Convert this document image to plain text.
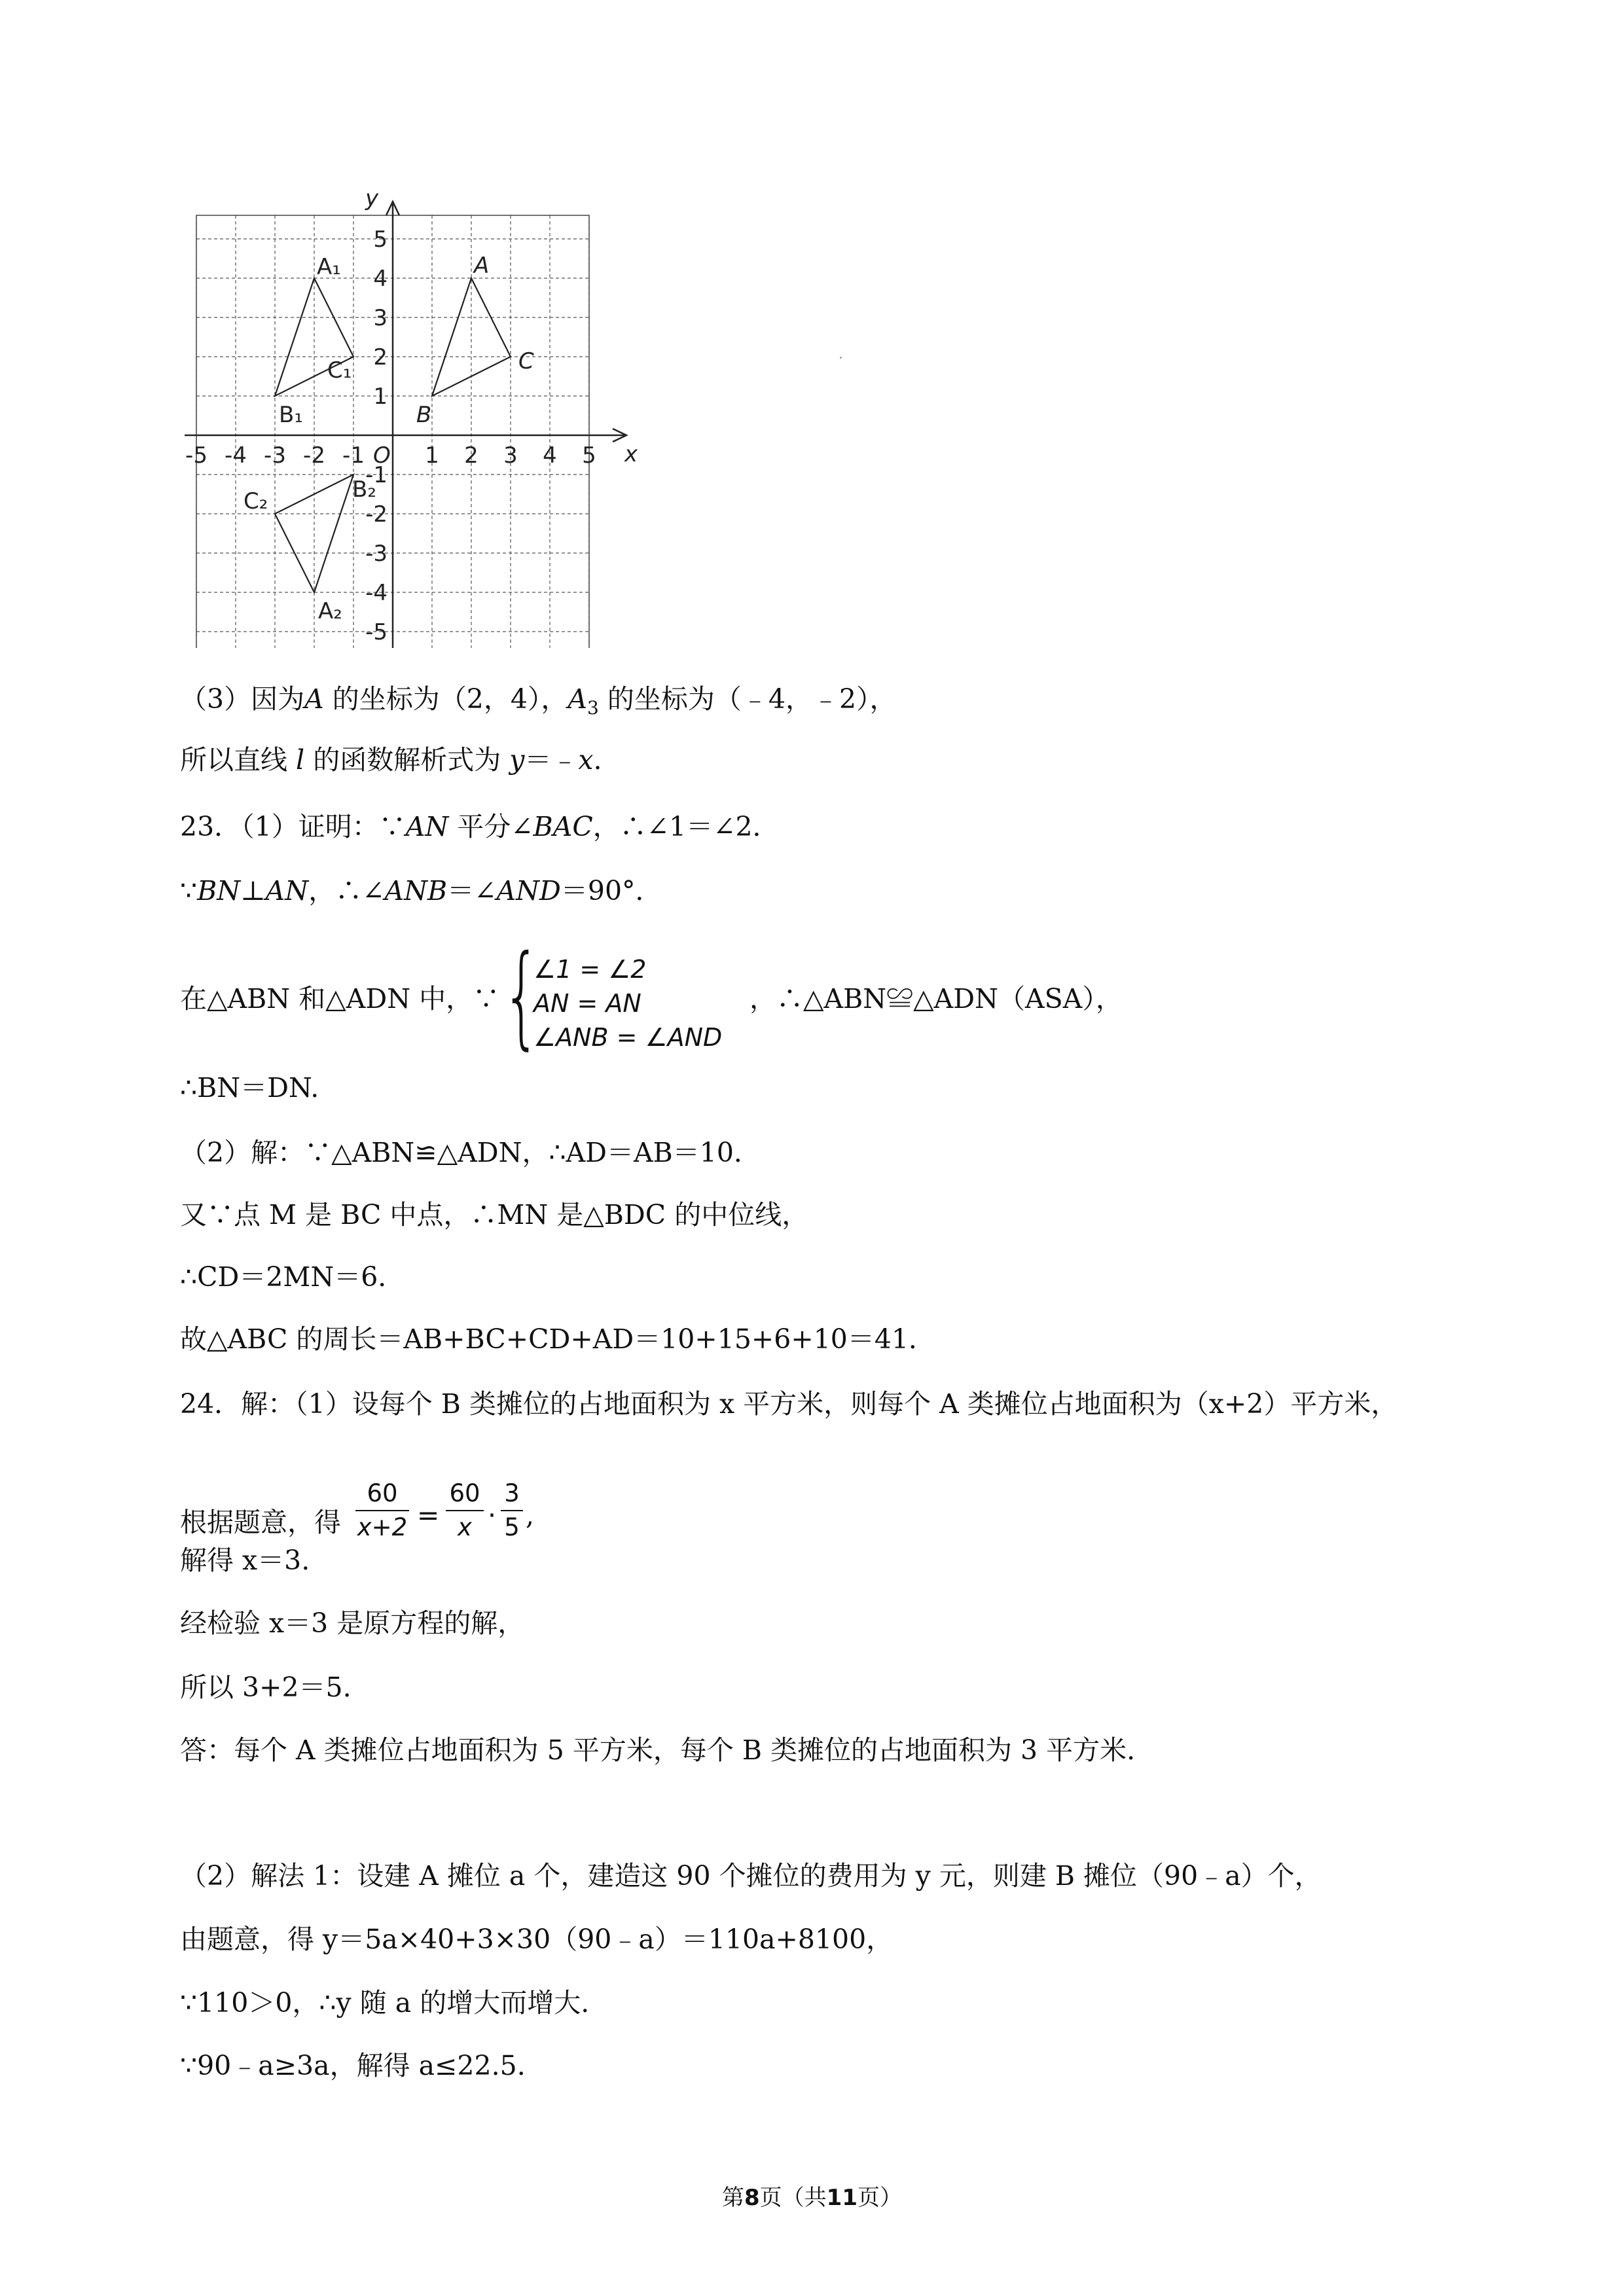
x
y
O
-5 -4 -3 -2 -1	1 2 3 4 5
5
4
3
2
1
-1
-2
-3
-4
-5
A
B
C
A₁
B₁
C₁
A₂
B₂
C₂
（3）因为A 的坐标为（2，4），$A_3$ 的坐标为（﹣4，﹣2），
所以直线 l 的函数解析式为 y＝﹣x.
23．（1）证明：∵AN 平分∠BAC，∴∠1＝∠2．
∵BN⊥AN，∴∠ANB＝∠AND＝90°．
在△ABN 和△ADN 中，∵ {
∠1 = ∠2
AN = AN
∠ANB = ∠AND
，∴△ABN≌△ADN（ASA），
∴BN＝DN.
（2）解：∵△ABN≌△ADN，∴AD＝AB＝10．
又∵点 M 是 BC 中点，∴MN 是△BDC 的中位线，
∴CD＝2MN＝6．
故△ABC 的周长＝AB+BC+CD+AD＝10+15+6+10＝41．
24．解：（1）设每个 B 类摊位的占地面积为 x 平方米，则每个 A 类摊位占地面积为（x+2）平方米，
根据题意，得 $\frac{60}{x+2} = \frac{60}{x} \cdot \frac{3}{5}$ ,
解得 x＝3.
经检验 x＝3 是原方程的解，
所以 3+2＝5.
答：每个 A 类摊位占地面积为 5 平方米，每个 B 类摊位的占地面积为 3 平方米.
（2）解法 1：设建 A 摊位 a 个，建造这 90 个摊位的费用为 y 元，则建 B 摊位（90﹣a）个，
由题意，得 y＝5a×40+3×30（90﹣a）＝110a+8100，
∵110＞0，∴y 随 a 的增大而增大.
∵90﹣a≥3a，解得 a≤22.5.
第8页（共11页）
